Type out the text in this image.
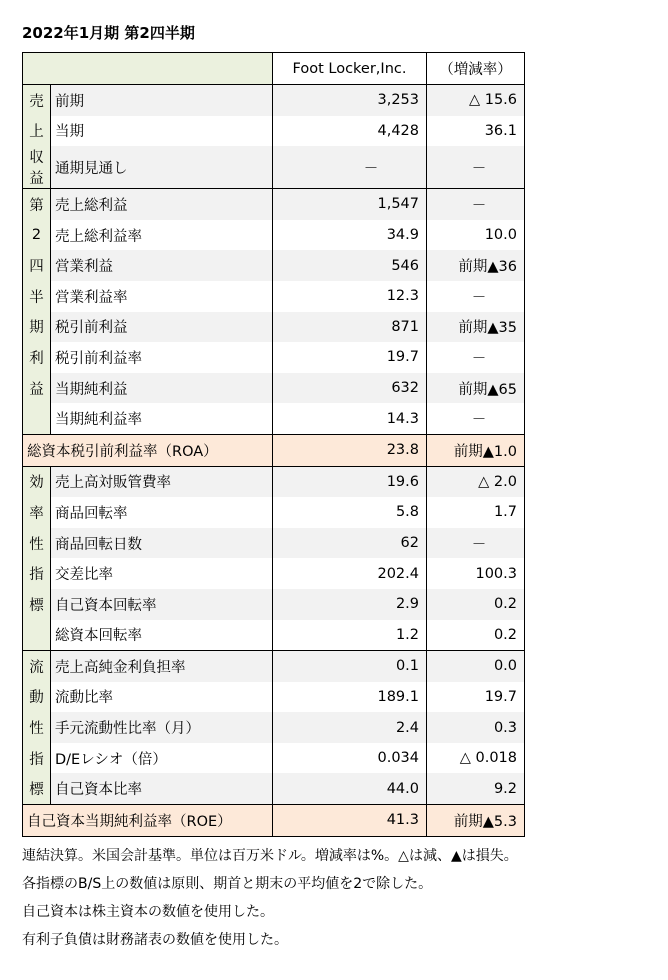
2022年1月期 第2四半期
		Foot Locker,Inc.	（増減率）
売	前期	3,253	△ 15.6
上	当期	4,428	36.1
収
益	通期見通し	－	－
第	売上総利益	1,547	－
2	売上総利益率	34.9	10.0
四	営業利益	546	前期▲36
半	営業利益率	12.3	－
期	税引前利益	871	前期▲35
利	税引前利益率	19.7	－
益	当期純利益	632	前期▲65
	当期純利益率	14.3	－
総資本税引前利益率（ROA）		23.8	前期▲1.0
効	売上高対販管費率	19.6	△ 2.0
率	商品回転率	5.8	1.7
性	商品回転日数	62	－
指	交差比率	202.4	100.3
標	自己資本回転率	2.9	0.2
	総資本回転率	1.2	0.2
流	売上高純金利負担率	0.1	0.0
動	流動比率	189.1	19.7
性	手元流動性比率（月）	2.4	0.3
指	D/Eレシオ（倍）	0.034	△ 0.018
標	自己資本比率	44.0	9.2
自己資本当期純利益率（ROE）		41.3	前期▲5.3
連結決算。米国会計基準。単位は百万米ドル。増減率は%。△は減、▲は損失。
各指標のB/S上の数値は原則、期首と期末の平均値を2で除した。
自己資本は株主資本の数値を使用した。
有利子負債は財務諸表の数値を使用した。
